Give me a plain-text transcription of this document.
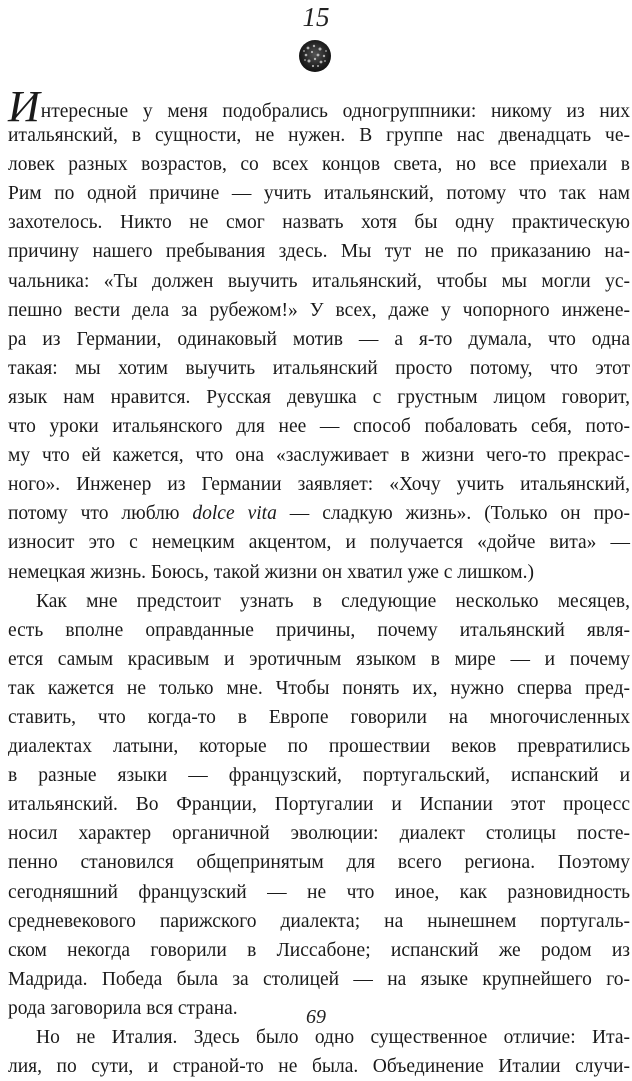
15
Интересные у меня подобрались одногруппники: никому из них
итальянский, в сущности, не нужен. В группе нас двенадцать че-
ловек разных возрастов, со всех концов света, но все приехали в
Рим по одной причине — учить итальянский, потому что так нам
захотелось. Никто не смог назвать хотя бы одну практическую
причину нашего пребывания здесь. Мы тут не по приказанию на-
чальника: «Ты должен выучить итальянский, чтобы мы могли ус-
пешно вести дела за рубежом!» У всех, даже у чопорного инжене-
ра из Германии, одинаковый мотив — а я-то думала, что одна
такая: мы хотим выучить итальянский просто потому, что этот
язык нам нравится. Русская девушка с грустным лицом говорит,
что уроки итальянского для нее — способ побаловать себя, пото-
му что ей кажется, что она «заслуживает в жизни чего-то прекрас-
ного». Инженер из Германии заявляет: «Хочу учить итальянский,
потому что люблю dolce vita — сладкую жизнь». (Только он про-
износит это с немецким акцентом, и получается «дойче вита» —
немецкая жизнь. Боюсь, такой жизни он хватил уже с лишком.)
Как мне предстоит узнать в следующие несколько месяцев,
есть вполне оправданные причины, почему итальянский явля-
ется самым красивым и эротичным языком в мире — и почему
так кажется не только мне. Чтобы понять их, нужно сперва пред-
ставить, что когда-то в Европе говорили на многочисленных
диалектах латыни, которые по прошествии веков превратились
в разные языки — французский, португальский, испанский и
итальянский. Во Франции, Португалии и Испании этот процесс
носил характер органичной эволюции: диалект столицы посте-
пенно становился общепринятым для всего региона. Поэтому
сегодняшний французский — не что иное, как разновидность
средневекового парижского диалекта; на нынешнем португаль-
ском некогда говорили в Лиссабоне; испанский же родом из
Мадрида. Победа была за столицей — на языке крупнейшего го-
рода заговорила вся страна.
Но не Италия. Здесь было одно существенное отличие: Ита-
лия, по сути, и страной-то не была. Объединение Италии случи-
69
